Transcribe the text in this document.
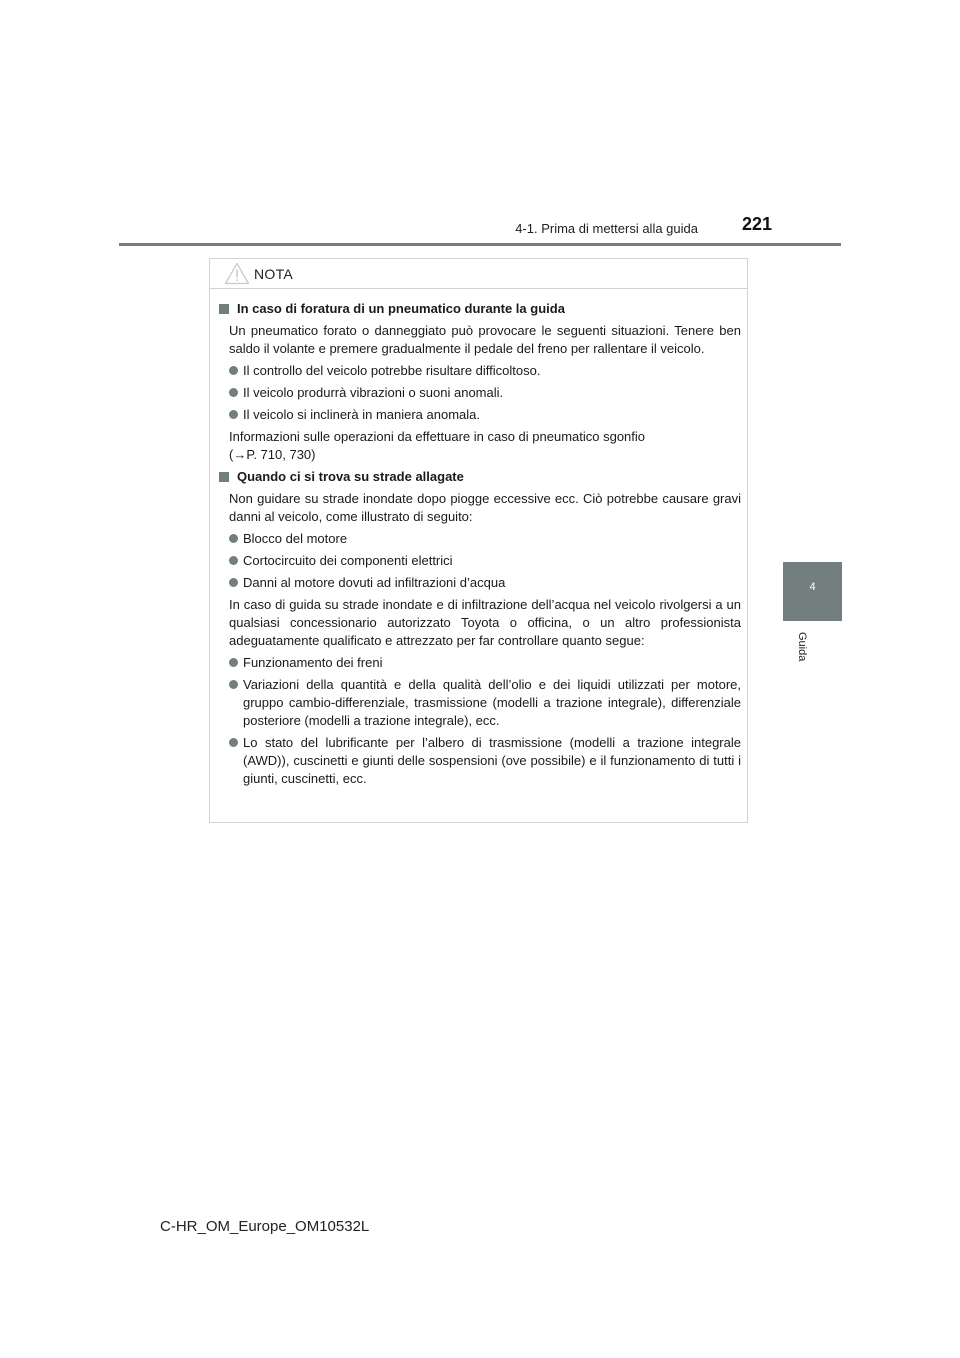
4-1. Prima di mettersi alla guida 221
4
Guida
NOTA
In caso di foratura di un pneumatico durante la guida
Un pneumatico forato o danneggiato può provocare le seguenti situazioni. Tenere ben saldo il volante e premere gradualmente il pedale del freno per rallentare il veicolo.
Il controllo del veicolo potrebbe risultare difficoltoso.
Il veicolo produrrà vibrazioni o suoni anomali.
Il veicolo si inclinerà in maniera anomala.
Informazioni sulle operazioni da effettuare in caso di pneumatico sgonfio
(→P. 710, 730)
Quando ci si trova su strade allagate
Non guidare su strade inondate dopo piogge eccessive ecc. Ciò potrebbe causare gravi danni al veicolo, come illustrato di seguito:
Blocco del motore
Cortocircuito dei componenti elettrici
Danni al motore dovuti ad infiltrazioni d’acqua
In caso di guida su strade inondate e di infiltrazione dell’acqua nel veicolo rivolgersi a un qualsiasi concessionario autorizzato Toyota o officina, o un altro professionista adeguatamente qualificato e attrezzato per far controllare quanto segue:
Funzionamento dei freni
Variazioni della quantità e della qualità dell’olio e dei liquidi utilizzati per motore, gruppo cambio-differenziale, trasmissione (modelli a trazione integrale), differenziale posteriore (modelli a trazione integrale), ecc.
Lo stato del lubrificante per l’albero di trasmissione (modelli a trazione integrale (AWD)), cuscinetti e giunti delle sospensioni (ove possibile) e il funzionamento di tutti i giunti, cuscinetti, ecc.
C-HR_OM_Europe_OM10532L
